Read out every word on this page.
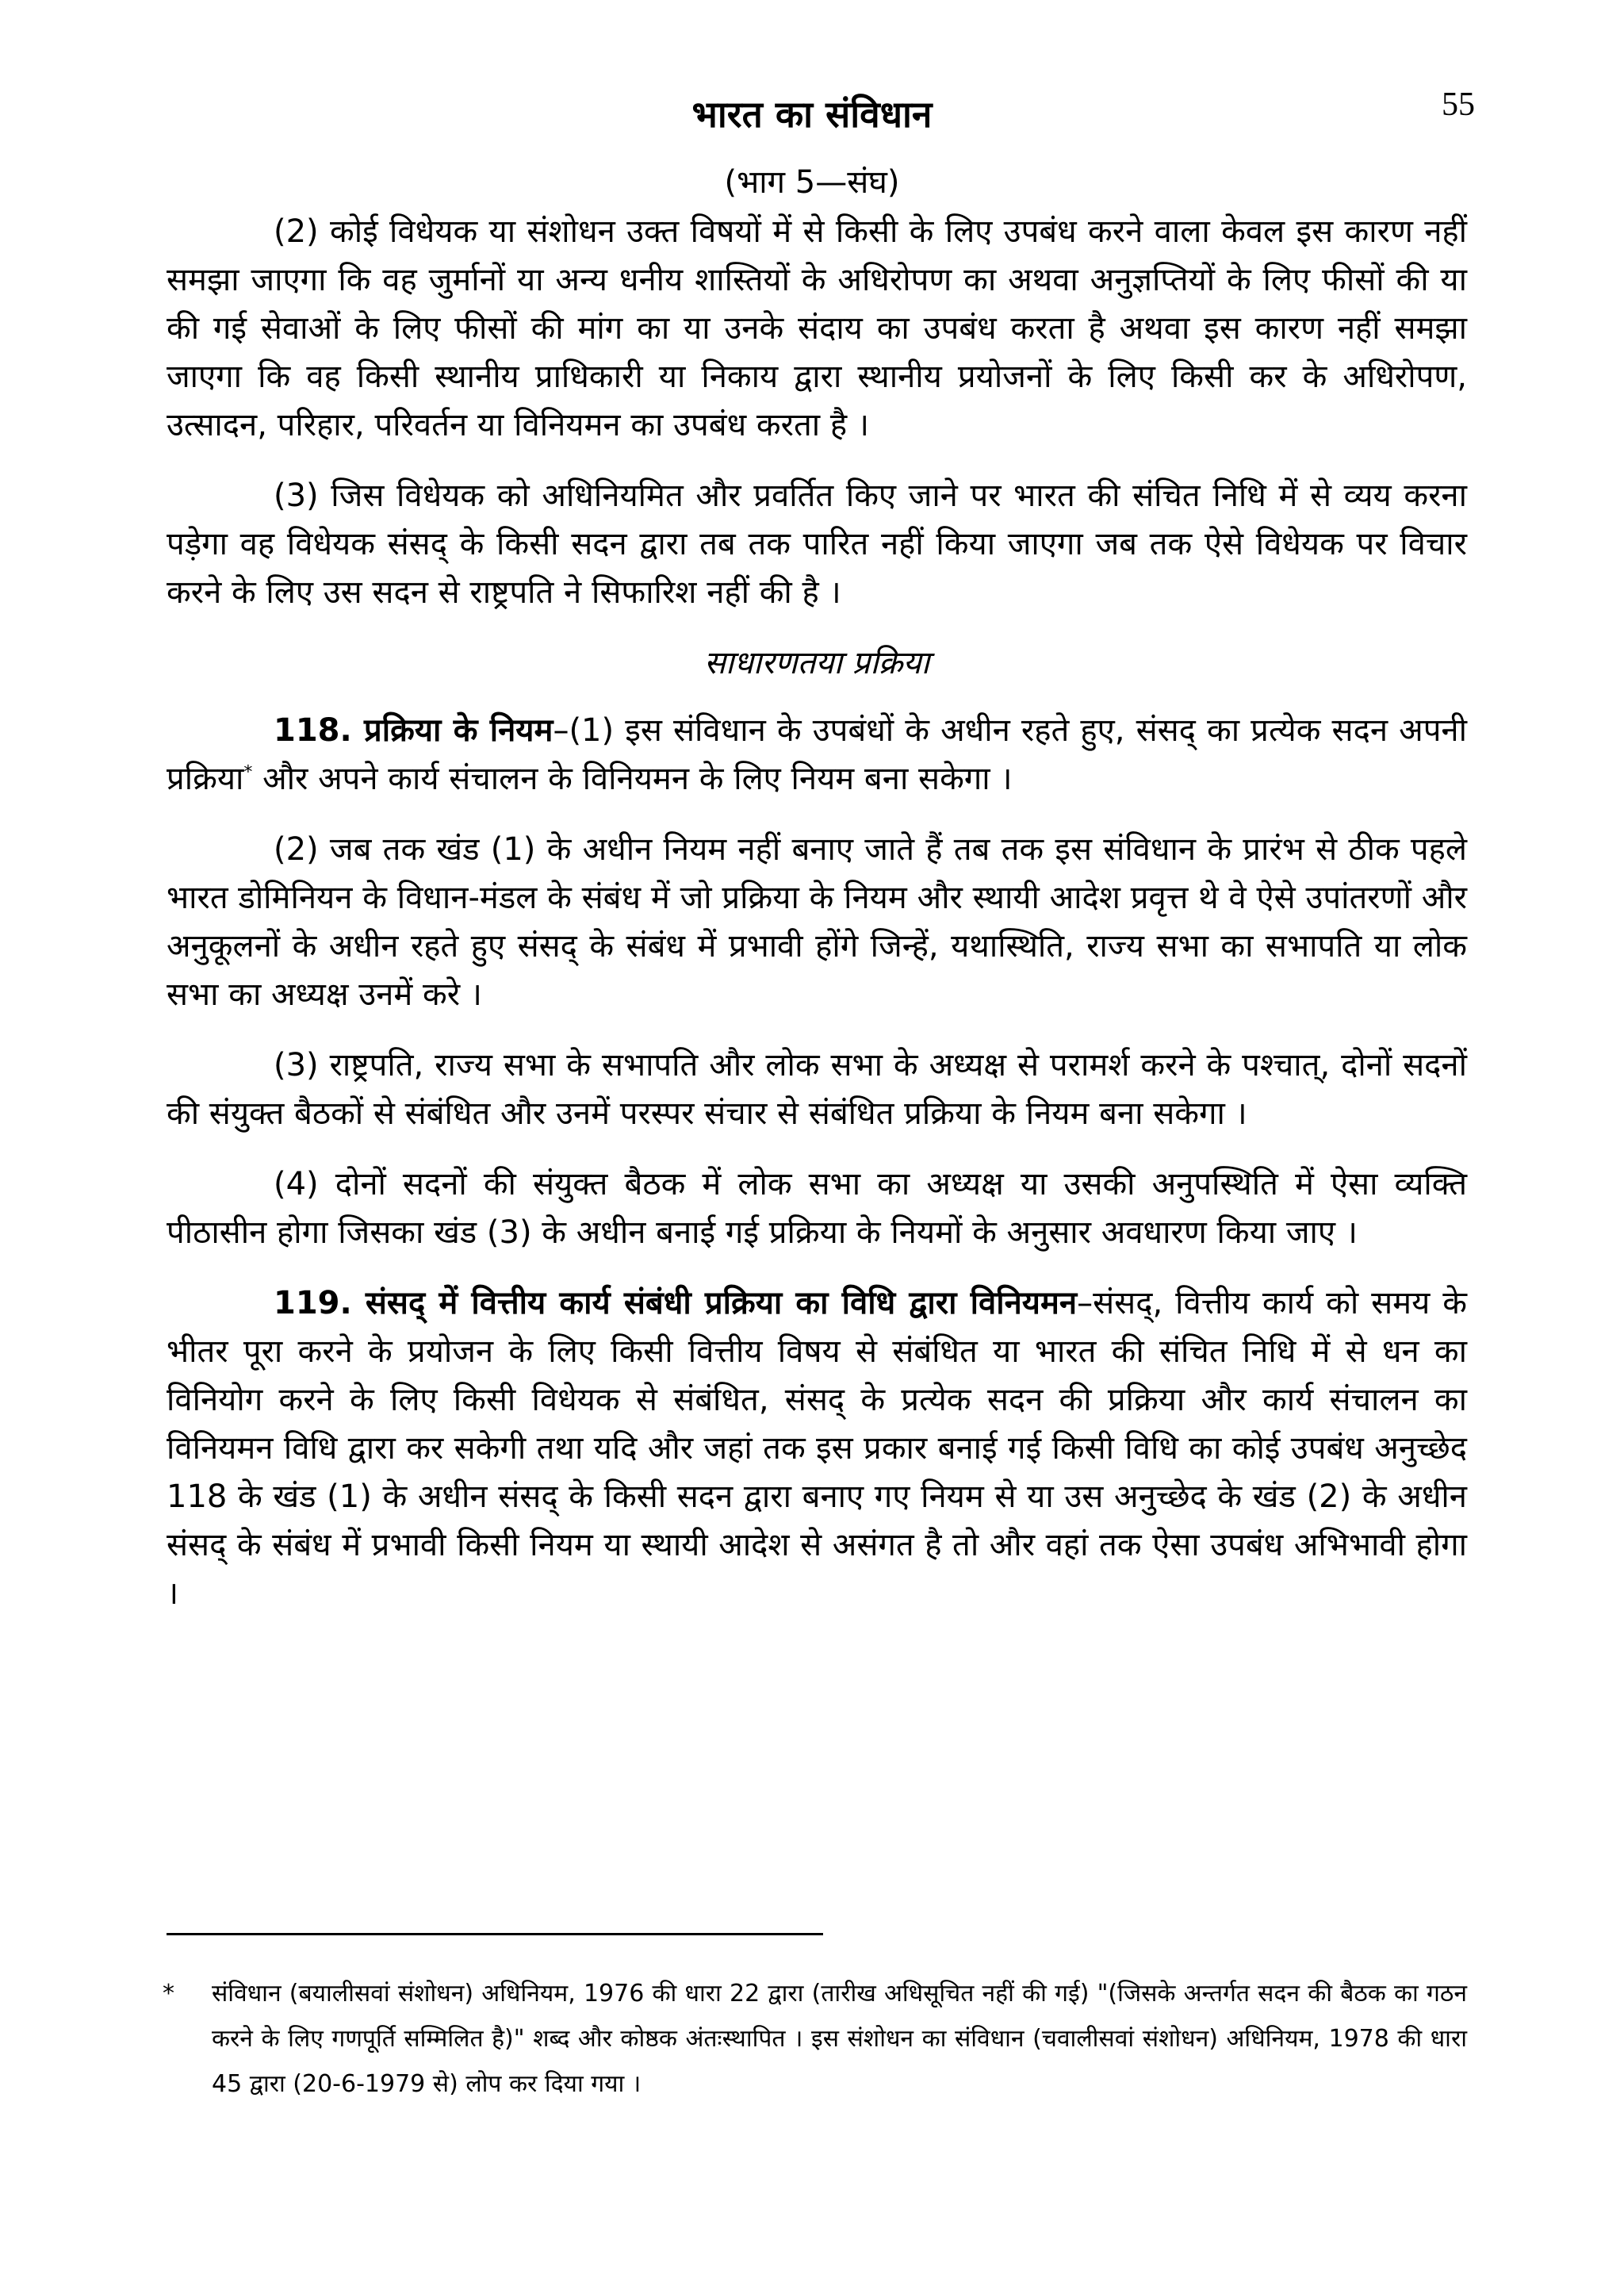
55
भारत का संविधान
(भाग 5—संघ)

(2) कोई विधेयक या संशोधन उक्त विषयों में से किसी के लिए उपबंध करने वाला केवल इस कारण नहीं समझा जाएगा कि वह जुर्मानों या अन्य धनीय शास्तियों के अधिरोपण का अथवा अनुज्ञप्तियों के लिए फीसों की या की गई सेवाओं के लिए फीसों की मांग का या उनके संदाय का उपबंध करता है अथवा इस कारण नहीं समझा जाएगा कि वह किसी स्थानीय प्राधिकारी या निकाय द्वारा स्थानीय प्रयोजनों के लिए किसी कर के अधिरोपण, उत्सादन, परिहार, परिवर्तन या विनियमन का उपबंध करता है ।

(3) जिस विधेयक को अधिनियमित और प्रवर्तित किए जाने पर भारत की संचित निधि में से व्यय करना पड़ेगा वह विधेयक संसद् के किसी सदन द्वारा तब तक पारित नहीं किया जाएगा जब तक ऐसे विधेयक पर विचार करने के लिए उस सदन से राष्ट्रपति ने सिफारिश नहीं की है ।

साधारणतया प्रक्रिया

118. प्रक्रिया के नियम–(1) इस संविधान के उपबंधों के अधीन रहते हुए, संसद् का प्रत्येक सदन अपनी प्रक्रिया* और अपने कार्य संचालन के विनियमन के लिए नियम बना सकेगा ।

(2) जब तक खंड (1) के अधीन नियम नहीं बनाए जाते हैं तब तक इस संविधान के प्रारंभ से ठीक पहले भारत डोमिनियन के विधान-मंडल के संबंध में जो प्रक्रिया के नियम और स्थायी आदेश प्रवृत्त थे वे ऐसे उपांतरणों और अनुकूलनों के अधीन रहते हुए संसद् के संबंध में प्रभावी होंगे जिन्हें, यथास्थिति, राज्य सभा का सभापति या लोक सभा का अध्यक्ष उनमें करे ।

(3) राष्ट्रपति, राज्य सभा के सभापति और लोक सभा के अध्यक्ष से परामर्श करने के पश्चात्, दोनों सदनों की संयुक्त बैठकों से संबंधित और उनमें परस्पर संचार से संबंधित प्रक्रिया के नियम बना सकेगा ।

(4) दोनों सदनों की संयुक्त बैठक में लोक सभा का अध्यक्ष या उसकी अनुपस्थिति में ऐसा व्यक्ति पीठासीन होगा जिसका खंड (3) के अधीन बनाई गई प्रक्रिया के नियमों के अनुसार अवधारण किया जाए ।

119. संसद् में वित्तीय कार्य संबंधी प्रक्रिया का विधि द्वारा विनियमन–संसद्, वित्तीय कार्य को समय के भीतर पूरा करने के प्रयोजन के लिए किसी वित्तीय विषय से संबंधित या भारत की संचित निधि में से धन का विनियोग करने के लिए किसी विधेयक से संबंधित, संसद् के प्रत्येक सदन की प्रक्रिया और कार्य संचालन का विनियमन विधि द्वारा कर सकेगी तथा यदि और जहां तक इस प्रकार बनाई गई किसी विधि का कोई उपबंध अनुच्छेद 118 के खंड (1) के अधीन संसद् के किसी सदन द्वारा बनाए गए नियम से या उस अनुच्छेद के खंड (2) के अधीन संसद् के संबंध में प्रभावी किसी नियम या स्थायी आदेश से असंगत है तो और वहां तक ऐसा उपबंध अभिभावी होगा ।

*	संविधान (बयालीसवां संशोधन) अधिनियम, 1976 की धारा 22 द्वारा (तारीख अधिसूचित नहीं की गई) "(जिसके अन्तर्गत सदन की बैठक का गठन करने के लिए गणपूर्ति सम्मिलित है)" शब्द और कोष्ठक अंतःस्थापित । इस संशोधन का संविधान (चवालीसवां संशोधन) अधिनियम, 1978 की धारा 45 द्वारा (20-6-1979 से) लोप कर दिया गया ।
